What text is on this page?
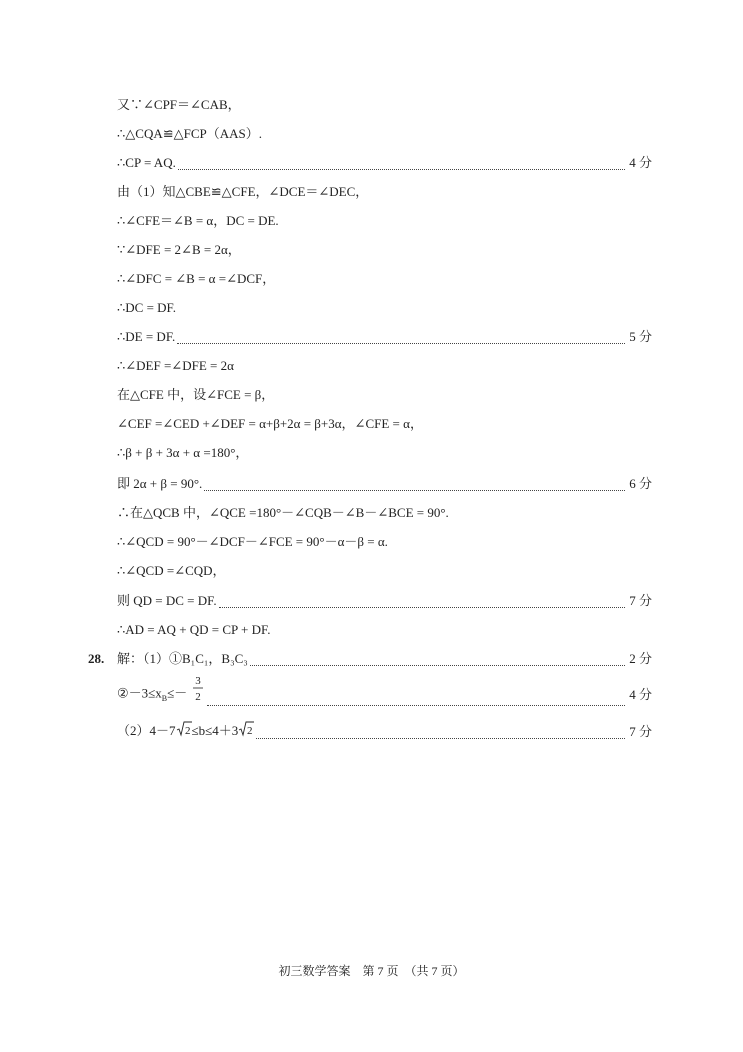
又∵∠CPF＝∠CAB，
∴△CQA≌△FCP（AAS）.
∴CP = AQ.	4 分
由（1）知△CBE≌△CFE，∠DCE＝∠DEC，
∴∠CFE＝∠B = α，DC = DE.
∵∠DFE = 2∠B = 2α，
∴∠DFC = ∠B = α =∠DCF，
∴DC = DF.
∴DE = DF.	5 分
∴∠DEF =∠DFE = 2α
在△CFE 中，设∠FCE = β，
∠CEF =∠CED +∠DEF = α+β+2α = β+3α，∠CFE = α，
∴β + β + 3α + α =180°，
即 2α + β = 90°.	6 分
∴在△QCB 中，∠QCE =180°－∠CQB－∠B－∠BCE = 90°.
∴∠QCD = 90°－∠DCF－∠FCE = 90°－α－β = α.
∴∠QCD =∠CQD，
则 QD = DC = DF.	7 分
∴AD = AQ + QD = CP + DF.
28. 解：（1）①B₁C₁，B₃C₃	2 分
$②-3\le x_B\le-$
3
2	4 分
（2）4－7 2 ≤b≤4＋3 2	7 分
初三数学答案　第 7 页　（共 7 页）
